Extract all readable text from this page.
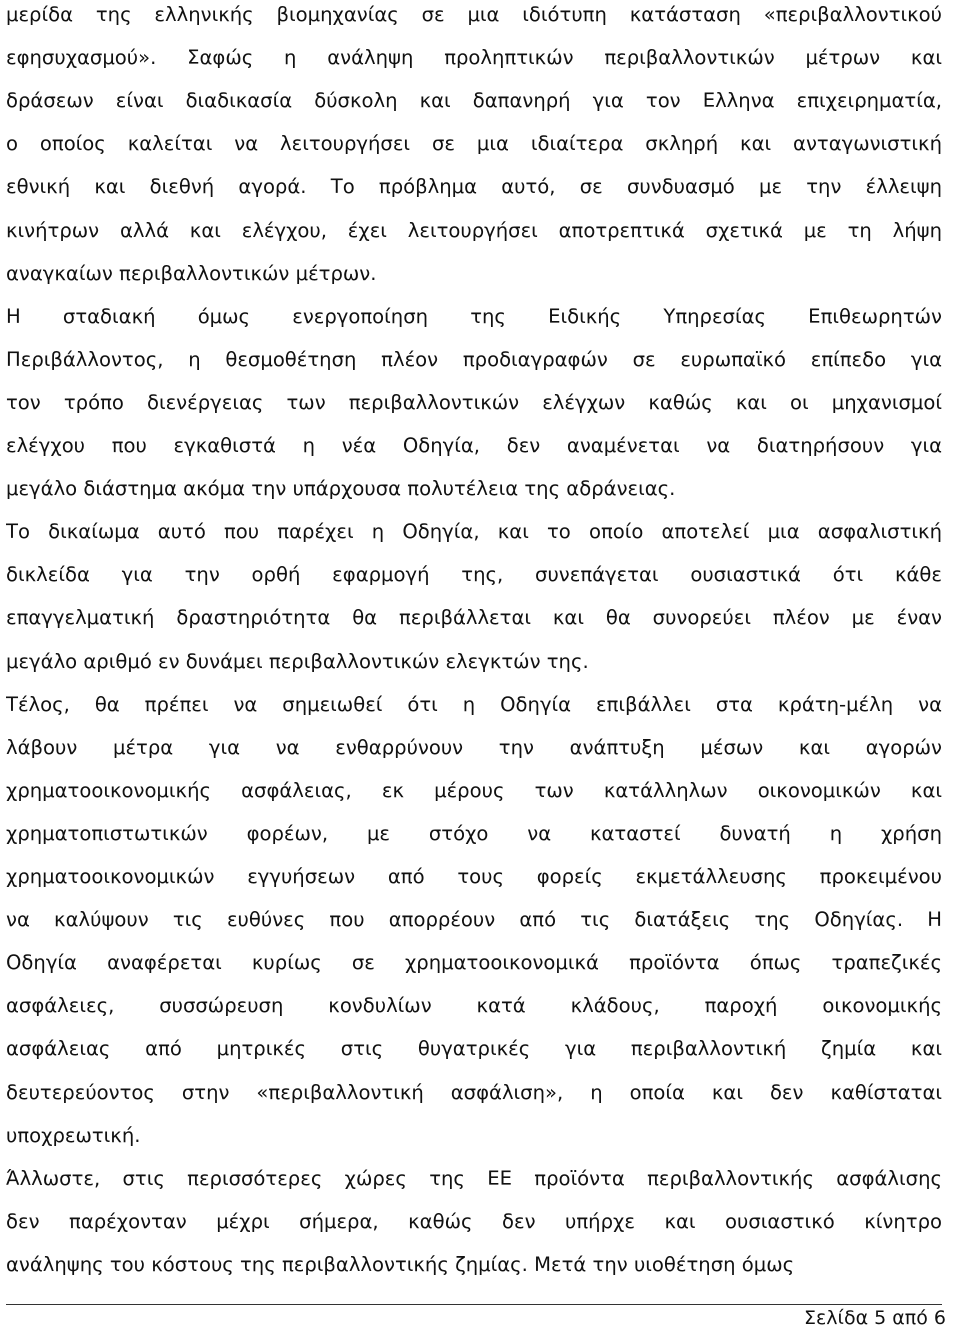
μερίδα της ελληνικής βιομηχανίας σε μια ιδιότυπη κατάσταση «περιβαλλοντικού
εφησυχασμού». Σαφώς η ανάληψη προληπτικών περιβαλλοντικών μέτρων και
δράσεων είναι διαδικασία δύσκολη και δαπανηρή για τον Ελληνα επιχειρηματία,
ο οποίος καλείται να λειτουργήσει σε μια ιδιαίτερα σκληρή και ανταγωνιστική
εθνική και διεθνή αγορά. Το πρόβλημα αυτό, σε συνδυασμό με την έλλειψη
κινήτρων αλλά και ελέγχου, έχει λειτουργήσει αποτρεπτικά σχετικά με τη λήψη
αναγκαίων περιβαλλοντικών μέτρων.
Η σταδιακή όμως ενεργοποίηση της Ειδικής Υπηρεσίας Επιθεωρητών
Περιβάλλοντος, η θεσμοθέτηση πλέον προδιαγραφών σε ευρωπαϊκό επίπεδο για
τον τρόπο διενέργειας των περιβαλλοντικών ελέγχων καθώς και οι μηχανισμοί
ελέγχου που εγκαθιστά η νέα Οδηγία, δεν αναμένεται να διατηρήσουν για
μεγάλο διάστημα ακόμα την υπάρχουσα πολυτέλεια της αδράνειας.
Το δικαίωμα αυτό που παρέχει η Οδηγία, και το οποίο αποτελεί μια ασφαλιστική
δικλείδα για την ορθή εφαρμογή της, συνεπάγεται ουσιαστικά ότι κάθε
επαγγελματική δραστηριότητα θα περιβάλλεται και θα συνορεύει πλέον με έναν
μεγάλο αριθμό εν δυνάμει περιβαλλοντικών ελεγκτών της.
Τέλος, θα πρέπει να σημειωθεί ότι η Οδηγία επιβάλλει στα κράτη-μέλη να
λάβουν μέτρα για να ενθαρρύνουν την ανάπτυξη μέσων και αγορών
χρηματοοικονομικής ασφάλειας, εκ μέρους των κατάλληλων οικονομικών και
χρηματοπιστωτικών φορέων, με στόχο να καταστεί δυνατή η χρήση
χρηματοοικονομικών εγγυήσεων από τους φορείς εκμετάλλευσης προκειμένου
να καλύψουν τις ευθύνες που απορρέουν από τις διατάξεις της Οδηγίας. Η
Οδηγία αναφέρεται κυρίως σε χρηματοοικονομικά προϊόντα όπως τραπεζικές
ασφάλειες, συσσώρευση κονδυλίων κατά κλάδους, παροχή οικονομικής
ασφάλειας από μητρικές στις θυγατρικές για περιβαλλοντική ζημία και
δευτερεύοντος στην «περιβαλλοντική ασφάλιση», η οποία και δεν καθίσταται
υποχρεωτική.
Άλλωστε, στις περισσότερες χώρες της ΕΕ προϊόντα περιβαλλοντικής ασφάλισης
δεν παρέχονταν μέχρι σήμερα, καθώς δεν υπήρχε και ουσιαστικό κίνητρο
ανάληψης του κόστους της περιβαλλοντικής ζημίας. Μετά την υιοθέτηση όμως
Σελίδα 5 από 6
